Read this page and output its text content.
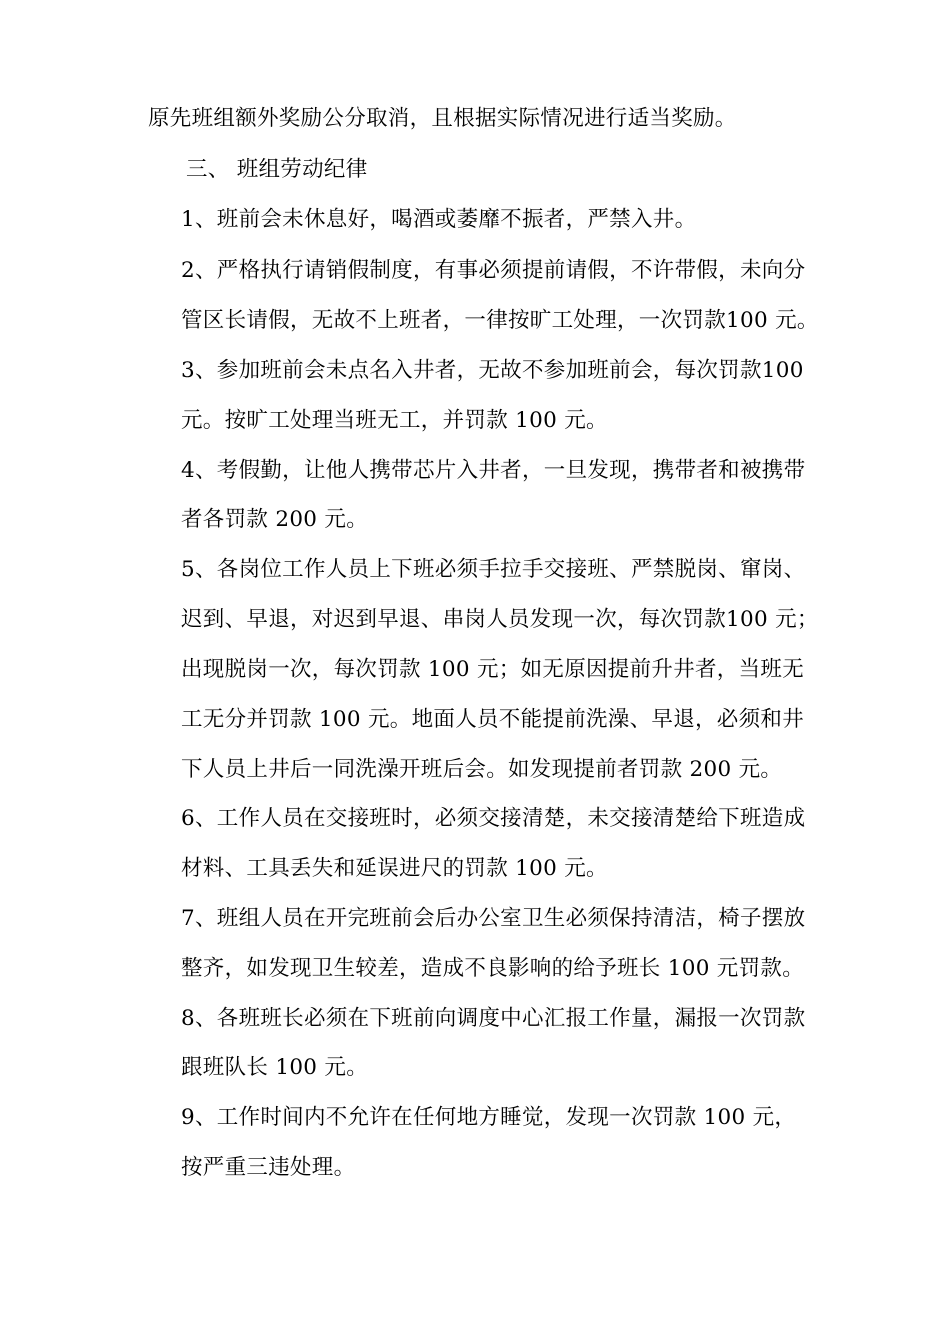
原先班组额外奖励公分取消，且根据实际情况进行适当奖励。
三、 班组劳动纪律
1、班前会未休息好，喝酒或萎靡不振者，严禁入井。
2、严格执行请销假制度，有事必须提前请假，不许带假，未向分
管区长请假，无故不上班者，一律按旷工处理，一次罚款100 元。
3、参加班前会未点名入井者，无故不参加班前会，每次罚款100
元。按旷工处理当班无工，并罚款 100 元。
4、考假勤，让他人携带芯片入井者，一旦发现，携带者和被携带
者各罚款 200 元。
5、各岗位工作人员上下班必须手拉手交接班、严禁脱岗、窜岗、
迟到、早退，对迟到早退、串岗人员发现一次，每次罚款100 元；
出现脱岗一次，每次罚款 100 元；如无原因提前升井者，当班无
工无分并罚款 100 元。地面人员不能提前洗澡、早退，必须和井
下人员上井后一同洗澡开班后会。如发现提前者罚款 200 元。
6、工作人员在交接班时，必须交接清楚，未交接清楚给下班造成
材料、工具丢失和延误进尺的罚款 100 元。
7、班组人员在开完班前会后办公室卫生必须保持清洁，椅子摆放
整齐，如发现卫生较差，造成不良影响的给予班长 100 元罚款。
8、各班班长必须在下班前向调度中心汇报工作量，漏报一次罚款
跟班队长 100 元。
9、工作时间内不允许在任何地方睡觉，发现一次罚款 100 元，
按严重三违处理。
